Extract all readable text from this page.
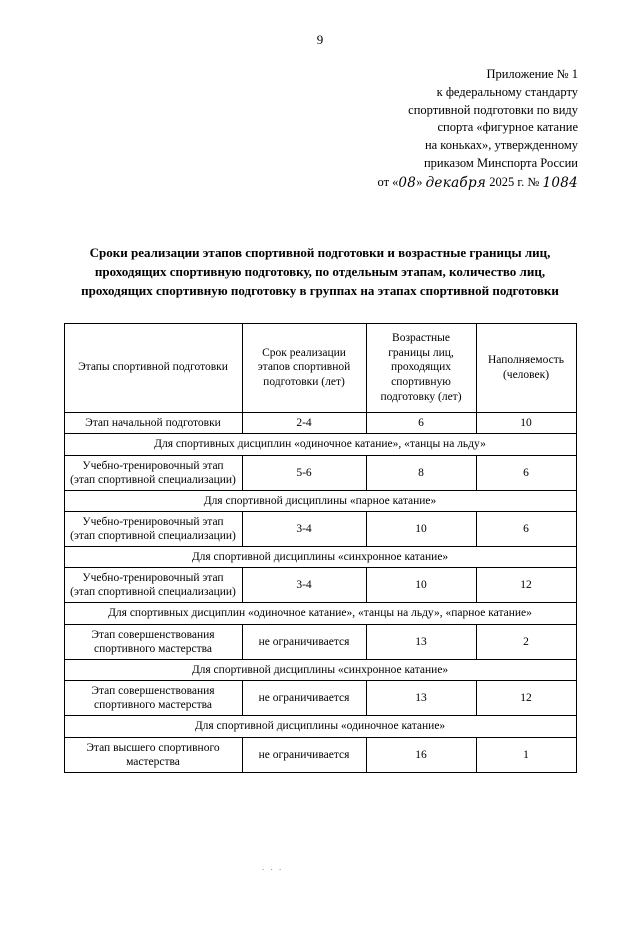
9
Приложение № 1
к федеральному стандарту
спортивной подготовки по виду
спорта «фигурное катание
на коньках», утвержденному
приказом Минспорта России
от «08» декабря 2025 г. № 1084
Сроки реализации этапов спортивной подготовки и возрастные границы лиц, проходящих спортивную подготовку, по отдельным этапам, количество лиц, проходящих спортивную подготовку в группах на этапах спортивной подготовки
Этапы спортивной подготовки	Срок реализации этапов спортивной подготовки (лет)	Возрастные границы лиц, проходящих спортивную подготовку (лет)	Наполняемость (человек)
Этап начальной подготовки	2-4	6	10
Для спортивных дисциплин «одиночное катание», «танцы на льду»			
Учебно-тренировочный этап (этап спортивной специализации)	5-6	8	6
Для спортивной дисциплины «парное катание»			
Учебно-тренировочный этап (этап спортивной специализации)	3-4	10	6
Для спортивной дисциплины «синхронное катание»			
Учебно-тренировочный этап (этап спортивной специализации)	3-4	10	12
Для спортивных дисциплин «одиночное катание», «танцы на льду», «парное катание»			
Этап совершенствования спортивного мастерства	не ограничивается	13	2
Для спортивной дисциплины «синхронное катание»			
Этап совершенствования спортивного мастерства	не ограничивается	13	12
Для спортивной дисциплины «одиночное катание»			
Этап высшего спортивного мастерства	не ограничивается	16	1
. . .
